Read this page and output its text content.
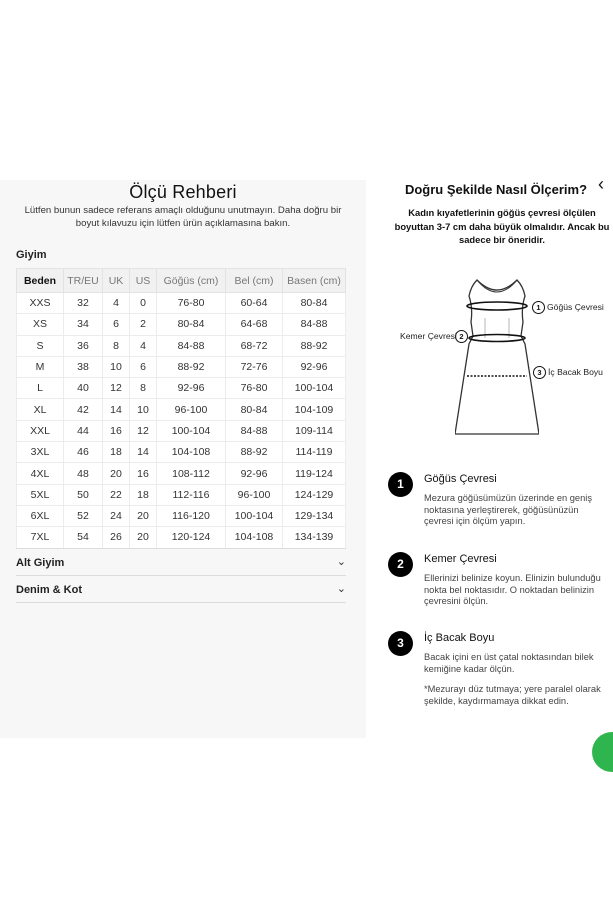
Ölçü Rehberi
Lütfen bunun sadece referans amaçlı olduğunu unutmayın. Daha doğru bir boyut kılavuzu için lütfen ürün açıklamasına bakın.
Giyim
Beden	TR/EU	UK	US	Göğüs (cm)	Bel (cm)	Basen (cm)
XXS	32	4	0	76-80	60-64	80-84
XS	34	6	2	80-84	64-68	84-88
S	36	8	4	84-88	68-72	88-92
M	38	10	6	88-92	72-76	92-96
L	40	12	8	92-96	76-80	100-104
XL	42	14	10	96-100	80-84	104-109
XXL	44	16	12	100-104	84-88	109-114
3XL	46	18	14	104-108	88-92	114-119
4XL	48	20	16	108-112	92-96	119-124
5XL	50	22	18	112-116	96-100	124-129
6XL	52	24	20	116-120	100-104	129-134
7XL	54	26	20	120-124	104-108	134-139
Alt Giyim	⌄
Denim & Kot	⌄
‹
Doğru Şekilde Nasıl Ölçerim?
Kadın kıyafetlerinin göğüs çevresi ölçülen boyuttan 3-7 cm daha büyük olmalıdır. Ancak bu sadece bir öneridir.
1 Göğüs Çevresi
2
Kemer Çevresi
3 İç Bacak Boyu
1	Göğüs Çevresi
Mezura göğüsümüzün üzerinde en geniş noktasına yerleştirerek, göğüsünüzün çevresi için ölçüm yapın.
2	Kemer Çevresi
Ellerinizi belinize koyun. Elinizin bulunduğu nokta bel noktasıdır. O noktadan belinizin çevresini ölçün.
3	İç Bacak Boyu
Bacak içini en üst çatal noktasından bilek kemiğine kadar ölçün.
*Mezurayı düz tutmaya; yere paralel olarak şekilde, kaydırmamaya dikkat edin.
